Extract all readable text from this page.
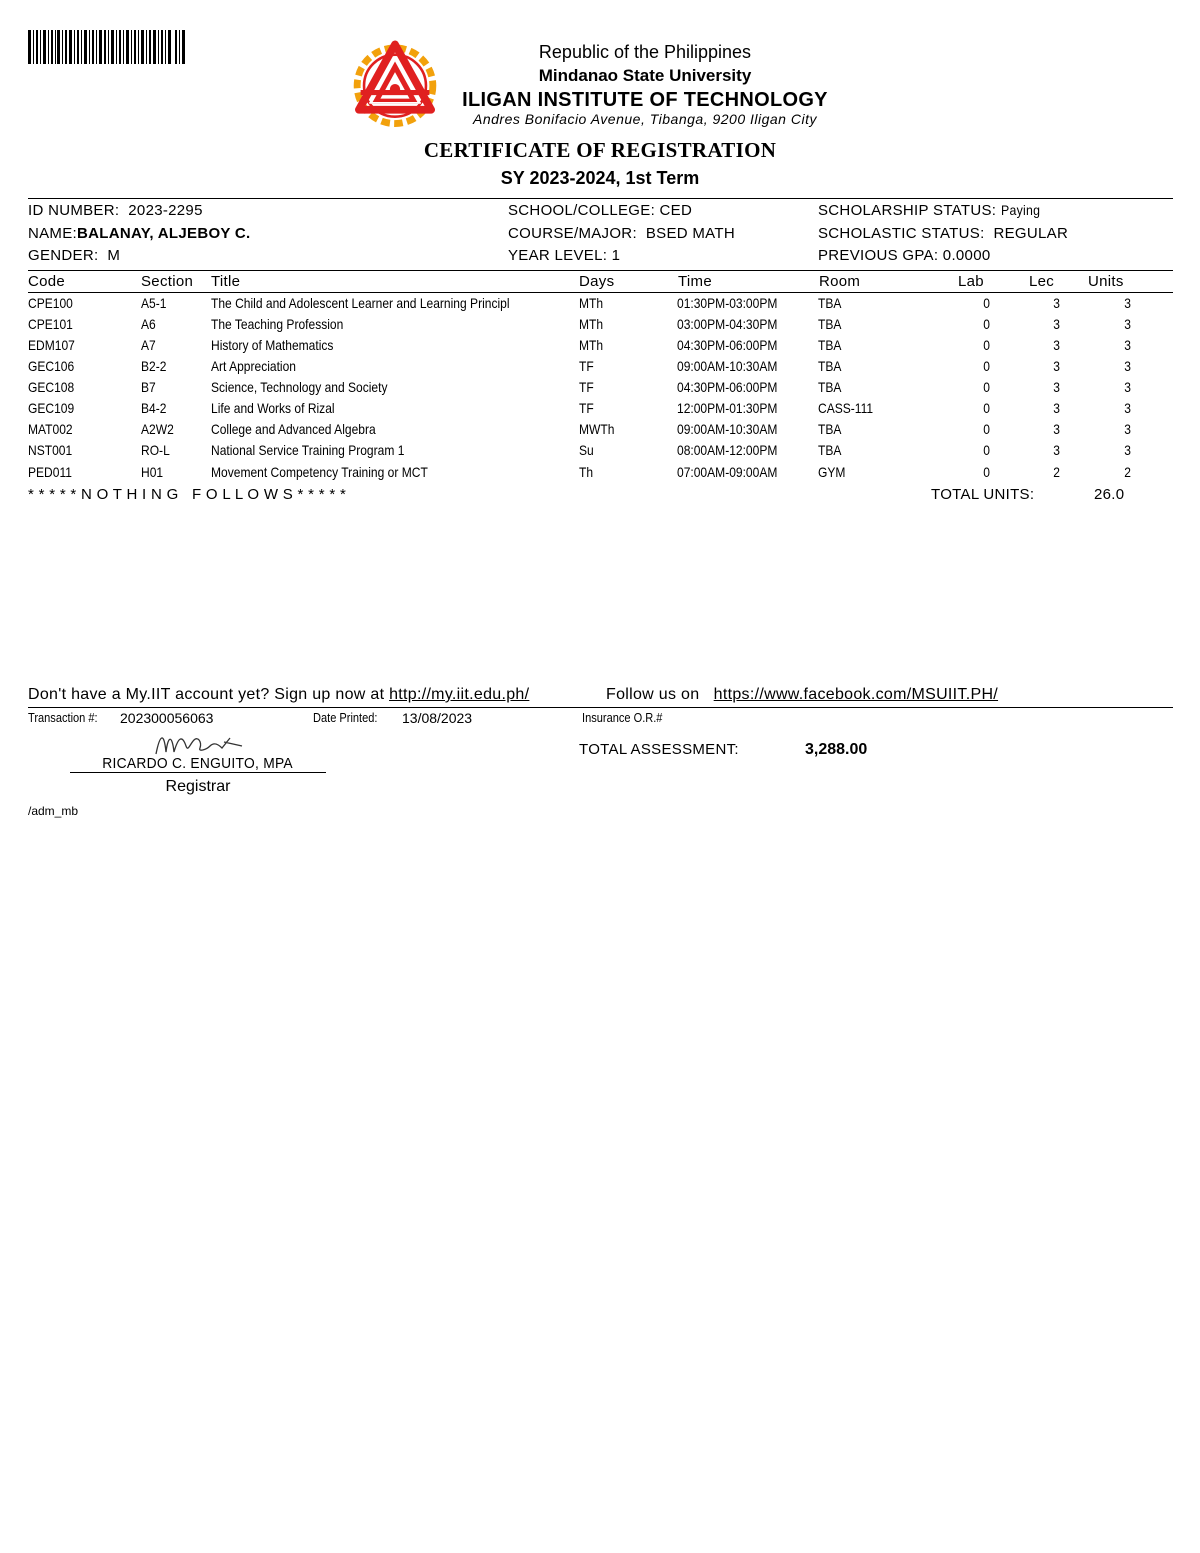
Republic of the Philippines
Mindanao State University
ILIGAN INSTITUTE OF TECHNOLOGY
Andres Bonifacio Avenue, Tibanga, 9200 Iligan City
CERTIFICATE OF REGISTRATION
SY 2023-2024, 1st Term
ID NUMBER: 2023-2295
NAME:BALANAY, ALJEBOY C.
GENDER: M
SCHOOL/COLLEGE: CED
COURSE/MAJOR: BSED MATH
YEAR LEVEL: 1
SCHOLARSHIP STATUS: Paying
SCHOLASTIC STATUS: REGULAR
PREVIOUS GPA: 0.0000
Code	Section Title	Days	Time	Room	Lab	Lec Units
CPE100	A5-1	The Child and Adolescent Learner and Learning Principl	MTh	01:30PM-03:00PM	TBA	0	3	3
CPE101	A6	The Teaching Profession	MTh	03:00PM-04:30PM	TBA	0	3	3
EDM107	A7	History of Mathematics	MTh	04:30PM-06:00PM	TBA	0	3	3
GEC106	B2-2	Art Appreciation	TF	09:00AM-10:30AM	TBA	0	3	3
GEC108	B7	Science, Technology and Society	TF	04:30PM-06:00PM	TBA	0	3	3
GEC109	B4-2	Life and Works of Rizal	TF	12:00PM-01:30PM	CASS-111	0	3	3
MAT002	A2W2	College and Advanced Algebra	MWTh	09:00AM-10:30AM	TBA	0	3	3
NST001	RO-L	National Service Training Program 1	Su	08:00AM-12:00PM	TBA	0	3	3
PED011	H01	Movement Competency Training or MCT	Th	07:00AM-09:00AM	GYM	0	2	2
* * * * * N O T H I N G   F O L L O W S * * * * *	TOTAL UNITS:	26.0
Don't have a My.IIT account yet? Sign up now at http://my.iit.edu.ph/	Follow us on https://www.facebook.com/MSUIIT.PH/
Transaction #:	202300056063	Date Printed:	13/08/2023	Insurance O.R.#
RICARDO C. ENGUITO, MPA
Registrar
TOTAL ASSESSMENT:	3,288.00
/adm_mb
